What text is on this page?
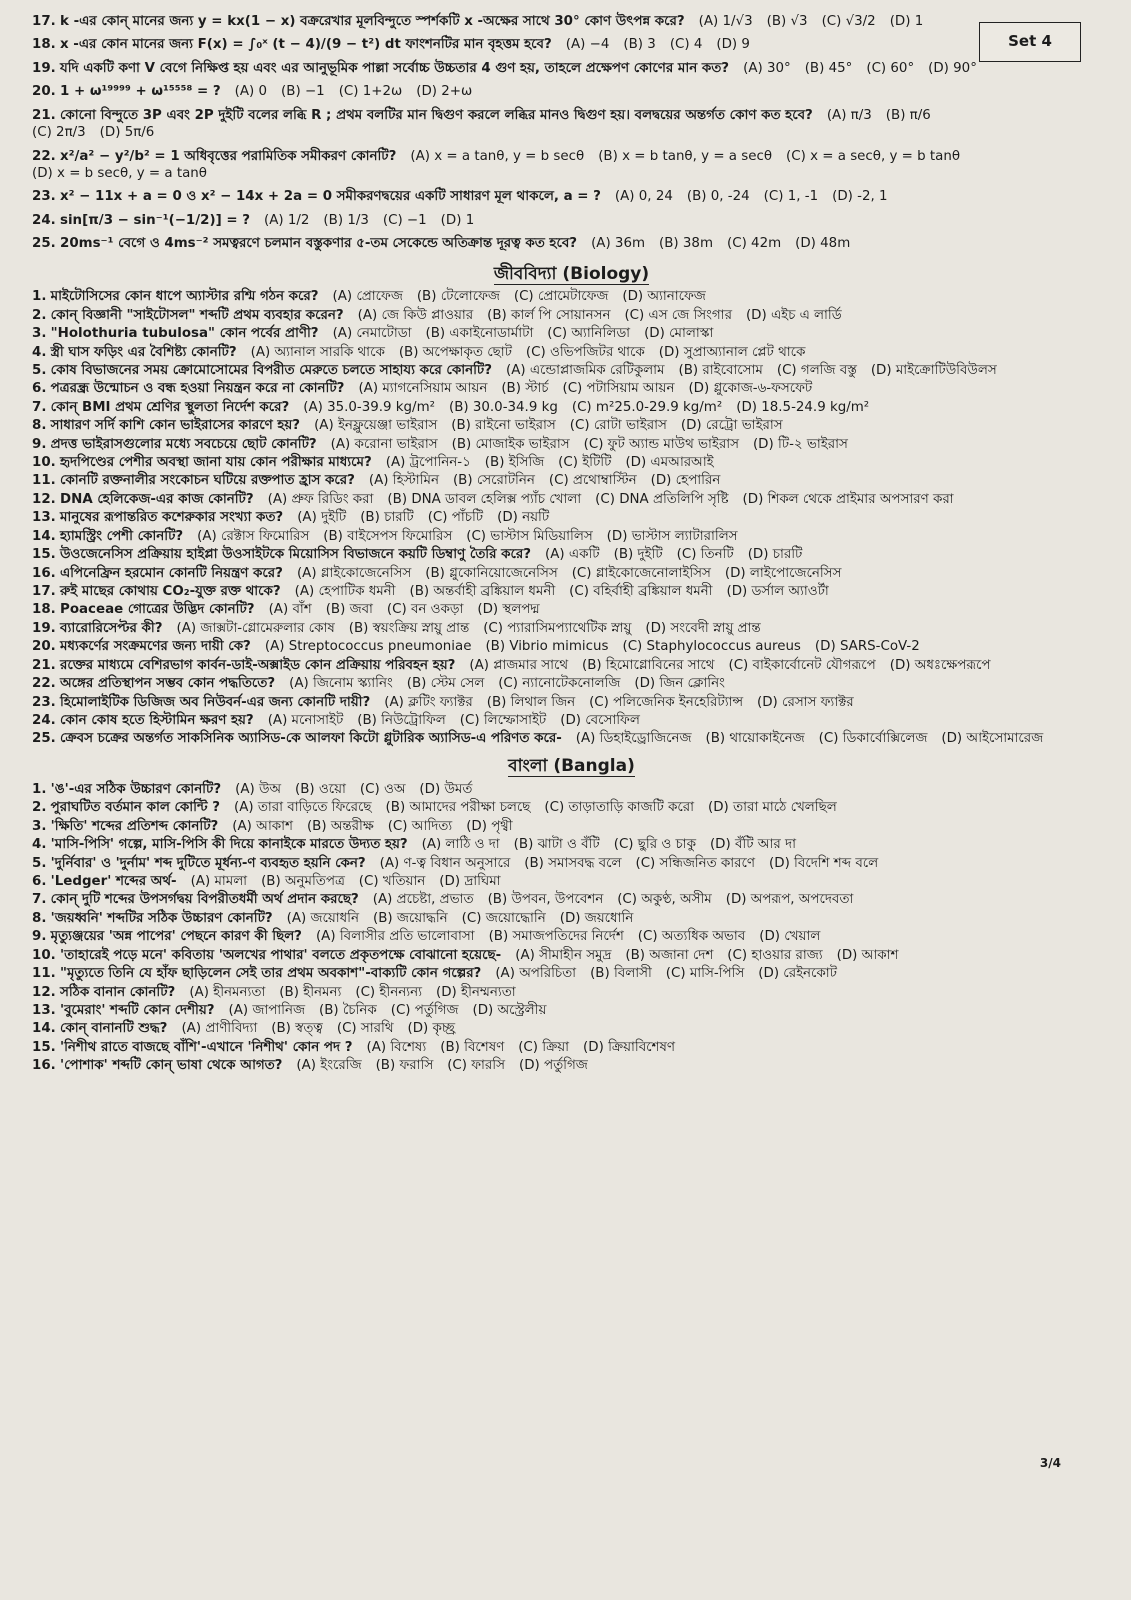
Set 4
17. k -এর কোন্ মানের জন্য y = kx(1 − x) বক্ররেখার মূলবিন্দুতে স্পর্শকটি x -অক্ষের সাথে 30° কোণ উৎপন্ন করে? (A) 1/√3 (B) √3 (C) √3/2 (D) 1
18. x -এর কোন মানের জন্য F(x) = ∫₀ˣ (t − 4)/(9 − t²) dt ফাংশনটির মান বৃহত্তম হবে? (A) −4 (B) 3 (C) 4 (D) 9
19. যদি একটি কণা V বেগে নিক্ষিপ্ত হয় এবং এর আনুভূমিক পাল্লা সর্বোচ্চ উচ্চতার 4 গুণ হয়, তাহলে প্রক্ষেপণ কোণের মান কত? (A) 30° (B) 45° (C) 60° (D) 90°
20. 1 + ω¹⁹⁹⁹⁹ + ω¹⁵⁵⁵⁸ = ? (A) 0 (B) −1 (C) 1+2ω (D) 2+ω
21. কোনো বিন্দুতে 3P এবং 2P দুইটি বলের লব্ধি R ; প্রথম বলটির মান দ্বিগুণ করলে লব্ধির মানও দ্বিগুণ হয়। বলদ্বয়ের অন্তর্গত কোণ কত হবে? (A) π/3 (B) π/6
(C) 2π/3 (D) 5π/6
22. x²/a² − y²/b² = 1 অধিবৃত্তের পরামিতিক সমীকরণ কোনটি? (A) x = a tanθ, y = b secθ (B) x = b tanθ, y = a secθ (C) x = a secθ, y = b tanθ
(D) x = b secθ, y = a tanθ
23. x² − 11x + a = 0 ও x² − 14x + 2a = 0 সমীকরণদ্বয়ের একটি সাধারণ মূল থাকলে, a = ? (A) 0, 24 (B) 0, -24 (C) 1, -1 (D) -2, 1
24. sin[π/3 − sin⁻¹(−1/2)] = ? (A) 1/2 (B) 1/3 (C) −1 (D) 1
25. 20ms⁻¹ বেগে ও 4ms⁻² সমত্বরণে চলমান বস্তুকণার ৫-তম সেকেন্ডে অতিক্রান্ত দূরত্ব কত হবে? (A) 36m (B) 38m (C) 42m (D) 48m
জীববিদ্যা (Biology)
1. মাইটোসিসের কোন ধাপে অ্যাস্টার রশ্মি গঠন করে? (A) প্রোফেজ (B) টেলোফেজ (C) প্রোমেটাফেজ (D) অ্যানাফেজ
2. কোন্ বিজ্ঞানী "সাইটোসল" শব্দটি প্রথম ব্যবহার করেন? (A) জে কিউ প্লাওয়ার (B) কার্ল পি সোয়ানসন (C) এস জে সিংগার (D) এইচ এ লার্ডি
3. "Holothuria tubulosa" কোন পর্বের প্রাণী? (A) নেমাটোডা (B) একাইনোডার্মাটা (C) অ্যানিলিডা (D) মোলাস্কা
4. স্ত্রী ঘাস ফড়িং এর বৈশিষ্ট্য কোনটি? (A) অ্যানাল সারকি থাকে (B) অপেক্ষাকৃত ছোট (C) ওভিপজিটর থাকে (D) সুপ্রাঅ্যানাল প্লেট থাকে
5. কোষ বিভাজনের সময় ক্রোমোসোমের বিপরীত মেরুতে চলতে সাহায্য করে কোনটি? (A) এন্ডোপ্লাজমিক রেটিকুলাম (B) রাইবোসোম (C) গলজি বস্তু (D) মাইক্রোটিউবিউলস
6. পত্ররন্ধ্র উন্মোচন ও বন্ধ হওয়া নিয়ন্ত্রন করে না কোনটি? (A) ম্যাগনেসিয়াম আয়ন (B) স্টার্চ (C) পটাসিয়াম আয়ন (D) গ্লুকোজ-৬-ফসফেট
7. কোন্ BMI প্রথম শ্রেণির স্থুলতা নির্দেশ করে? (A) 35.0-39.9 kg/m² (B) 30.0-34.9 kg (C) m²25.0-29.9 kg/m² (D) 18.5-24.9 kg/m²
8. সাধারণ সর্দি কাশি কোন ভাইরাসের কারণে হয়? (A) ইনফ্লুয়েঞ্জা ভাইরাস (B) রাইনো ভাইরাস (C) রোটা ভাইরাস (D) রেট্রো ভাইরাস
9. প্রদত্ত ভাইরাসগুলোর মধ্যে সবচেয়ে ছোট কোনটি? (A) করোনা ভাইরাস (B) মোজাইক ভাইরাস (C) ফুট অ্যান্ড মাউথ ভাইরাস (D) টি-২ ভাইরাস
10. হৃদপিণ্ডের পেশীর অবস্থা জানা যায় কোন পরীক্ষার মাধ্যমে? (A) ট্রপোনিন-১ (B) ইসিজি (C) ইটিটি (D) এমআরআই
11. কোনটি রক্তনালীর সংকোচন ঘটিয়ে রক্তপাত হ্রাস করে? (A) হিস্টামিন (B) সেরোটনিন (C) প্রথোম্বাস্টিন (D) হেপারিন
12. DNA হেলিকেজ-এর কাজ কোনটি? (A) প্রুফ রিডিং করা (B) DNA ডাবল হেলিক্স প্যাঁচ খোলা (C) DNA প্রতিলিপি সৃষ্টি (D) শিকল থেকে প্রাইমার অপসারণ করা
13. মানুষের রূপান্তরিত কশেরুকার সংখ্যা কত? (A) দুইটি (B) চারটি (C) পাঁচটি (D) নয়টি
14. হ্যামস্ট্রিং পেশী কোনটি? (A) রেক্টাস ফিমোরিস (B) বাইসেপস ফিমোরিস (C) ভাস্টাস মিডিয়ালিস (D) ভাস্টাস ল্যাটারালিস
15. উওজেনেসিস প্রক্রিয়ায় হাইপ্লা উওসাইটকে মিয়োসিস বিভাজনে কয়টি ডিম্বাণু তৈরি করে? (A) একটি (B) দুইটি (C) তিনটি (D) চারটি
16. এপিনেফ্রিন হরমোন কোনটি নিয়ন্ত্রণ করে? (A) গ্লাইকোজেনেসিস (B) গ্লুকোনিয়োজেনেসিস (C) গ্লাইকোজেনোলাইসিস (D) লাইপোজেনেসিস
17. রুই মাছের কোথায় CO₂-যুক্ত রক্ত থাকে? (A) হেপাটিক ধমনী (B) অন্তর্বাহী ব্রঙ্কিয়াল ধমনী (C) বহির্বাহী ব্রঙ্কিয়াল ধমনী (D) ডর্সাল অ্যাওর্টা
18. Poaceae গোত্রের উদ্ভিদ কোনটি? (A) বাঁশ (B) জবা (C) বন ওকড়া (D) স্থলপদ্ম
19. ব্যারোরিসেপ্টর কী? (A) জাক্সটা-গ্লোমেরুলার কোষ (B) স্বয়ংক্রিয় স্নায়ু প্রান্ত (C) প্যারাসিমপ্যাথেটিক স্নায়ু (D) সংবেদী স্নায়ু প্রান্ত
20. মধ্যকর্ণের সংক্রমণের জন্য দায়ী কে? (A) Streptococcus pneumoniae (B) Vibrio mimicus (C) Staphylococcus aureus (D) SARS-CoV-2
21. রক্তের মাধ্যমে বেশিরভাগ কার্বন-ডাই-অক্সাইড কোন প্রক্রিয়ায় পরিবহন হয়? (A) প্লাজমার সাথে (B) হিমোগ্লোবিনের সাথে (C) বাইকার্বোনেট যৌগরূপে (D) অধঃক্ষেপরূপে
22. অঙ্গের প্রতিস্থাপন সম্ভব কোন পদ্ধতিতে? (A) জিনোম স্ক্যানিং (B) স্টেম সেল (C) ন্যানোটেকনোলজি (D) জিন ক্লোনিং
23. হিমোলাইটিক ডিজিজ অব নিউবর্ন-এর জন্য কোনটি দায়ী? (A) ক্লটিং ফ্যাক্টর (B) লিথাল জিন (C) পলিজেনিক ইনহেরিট্যান্স (D) রেসাস ফ্যাক্টর
24. কোন কোষ হতে হিস্টামিন ক্ষরণ হয়? (A) মনোসাইট (B) নিউট্রোফিল (C) লিম্ফোসাইট (D) বেসোফিল
25. ক্রেবস চক্রের অন্তর্গত সাকসিনিক অ্যাসিড-কে আলফা কিটো গ্লুটারিক অ্যাসিড-এ পরিণত করে- (A) ডিহাইড্রোজিনেজ (B) থায়োকাইনেজ (C) ডিকার্বোক্সিলেজ (D) আইসোমারেজ
বাংলা (Bangla)
1. 'ঙ'-এর সঠিক উচ্চারণ কোনটি? (A) উঅ (B) ওয়ো (C) ওঅ (D) উমর্ত
2. পুরাঘটিত বর্তমান কাল কোন্টি ? (A) তারা বাড়িতে ফিরেছে (B) আমাদের পরীক্ষা চলছে (C) তাড়াতাড়ি কাজটি করো (D) তারা মাঠে খেলছিল
3. 'ক্ষিতি' শব্দের প্রতিশব্দ কোনটি? (A) আকাশ (B) অন্তরীক্ষ (C) আদিত্য (D) পৃথ্বী
4. 'মাসি-পিসি' গল্পে, মাসি-পিসি কী দিয়ে কানাইকে মারতে উদ্যত হয়? (A) লাঠি ও দা (B) ঝাটা ও বঁটি (C) ছুরি ও চাকু (D) বঁটি আর দা
5. 'দুর্নিবার' ও 'দুর্নাম' শব্দ দুটিতে মূর্ধন্য-ণ ব্যবহৃত হয়নি কেন? (A) ণ-ত্ব বিধান অনুসারে (B) সমাসবদ্ধ বলে (C) সন্ধিজনিত কারণে (D) বিদেশি শব্দ বলে
6. 'Ledger' শব্দের অর্থ- (A) মামলা (B) অনুমতিপত্র (C) খতিয়ান (D) দ্রাঘিমা
7. কোন্ দুটি শব্দের উপসর্গদ্বয় বিপরীতধর্মী অর্থ প্রদান করছে? (A) প্রচেষ্টা, প্রভাত (B) উপবন, উপবেশন (C) অকুণ্ঠ, অসীম (D) অপরূপ, অপদেবতা
8. 'জয়ধ্বনি' শব্দটির সঠিক উচ্চারণ কোনটি? (A) জয়োধনি (B) জয়োদ্ধনি (C) জয়োদ্ধোনি (D) জয়ধোনি
9. মৃত্যুঞ্জয়ের 'অন্ন পাপের' পেছনে কারণ কী ছিল? (A) বিলাসীর প্রতি ভালোবাসা (B) সমাজপতিদের নির্দেশ (C) অত্যধিক অভাব (D) খেয়াল
10. 'তাহারেই পড়ে মনে' কবিতায় 'অলখের পাথার' বলতে প্রকৃতপক্ষে বোঝানো হয়েছে- (A) সীমাহীন সমুদ্র (B) অজানা দেশ (C) হাওয়ার রাজ্য (D) আকাশ
11. "মৃত্যুতে তিনি যে হাঁফ ছাড়িলেন সেই তার প্রথম অবকাশ"-বাক্যটি কোন গল্পের? (A) অপরিচিতা (B) বিলাসী (C) মাসি-পিসি (D) রেইনকোট
12. সঠিক বানান কোনটি? (A) হীনমন্যতা (B) হীনমন্য (C) হীনন্যন্য (D) হীনম্মন্যতা
13. 'বুমেরাং' শব্দটি কোন দেশীয়? (A) জাপানিজ (B) চৈনিক (C) পর্তুগিজ (D) অস্ট্রেলীয়
14. কোন্ বানানটি শুদ্ধ? (A) প্রাণীবিদ্যা (B) স্বত্ত্ব (C) সারথি (D) কৃচ্ছ্র
15. 'নিশীথ রাতে বাজছে বাঁশি'-এখানে 'নিশীথ' কোন পদ ? (A) বিশেষ্য (B) বিশেষণ (C) ক্রিয়া (D) ক্রিয়াবিশেষণ
16. 'পোশাক' শব্দটি কোন্ ভাষা থেকে আগত? (A) ইংরেজি (B) ফরাসি (C) ফারসি (D) পর্তুগিজ
3/4
